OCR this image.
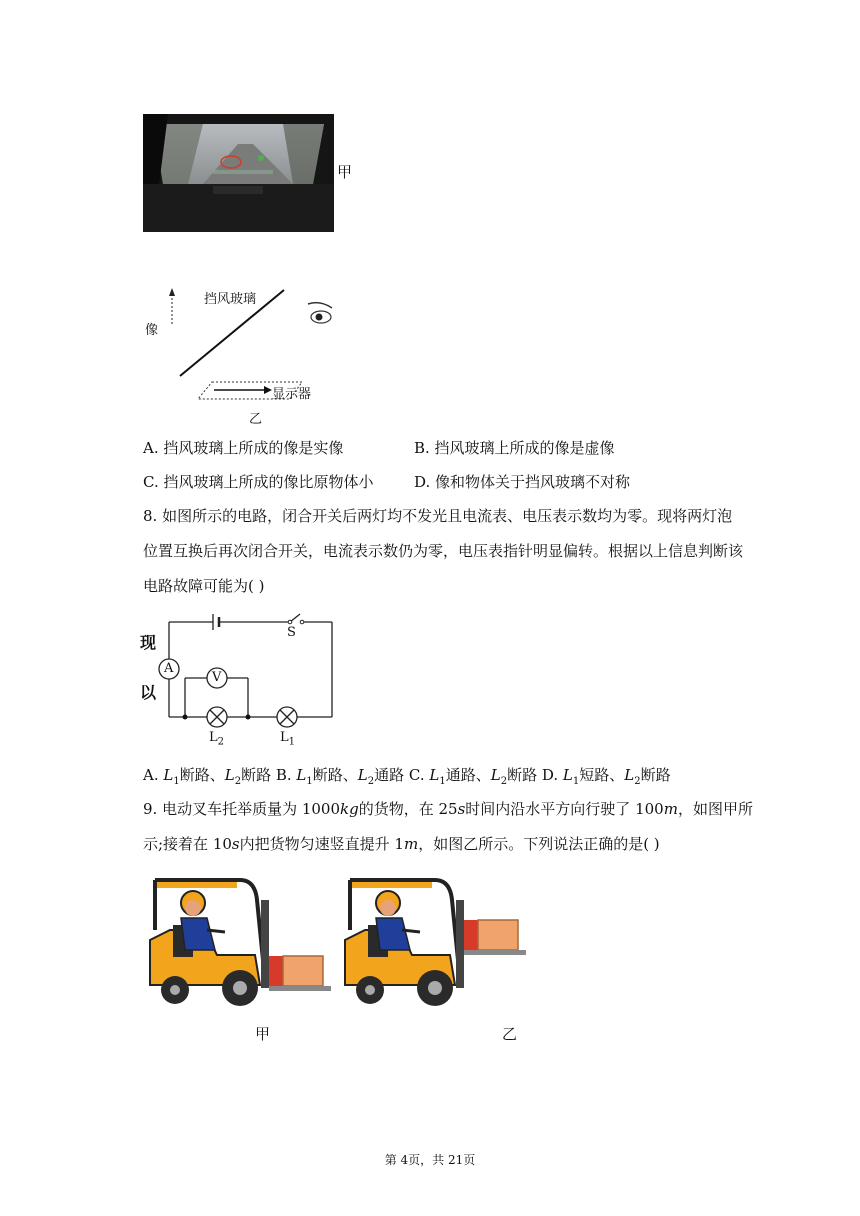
甲
像
挡风玻璃
显示器
乙
A. 挡风玻璃上所成的像是实像	B. 挡风玻璃上所成的像是虚像
C. 挡风玻璃上所成的像比原物体小	D. 像和物体关于挡风玻璃不对称
8. 如图所示的电路，闭合开关后两灯均不发光且电流表、电压表示数均为零。现将两灯泡
位置互换后再次闭合开关，电流表示数仍为零，电压表指针明显偏转。根据以上信息判断该
电路故障可能为( )
S
A
V
$L_2$	$L_1$
现
以
A. $L_1$断路、$L_2$断路 B. $L_1$断路、$L_2$通路 C. $L_1$通路、$L_2$断路 D. $L_1$短路、$L_2$断路
9. 电动叉车托举质量为 1000kg的货物，在 25s时间内沿水平方向行驶了 100m，如图甲所
示;接着在 10s内把货物匀速竖直提升 1m，如图乙所示。下列说法正确的是( )
甲	乙
第 4页，共 21页
